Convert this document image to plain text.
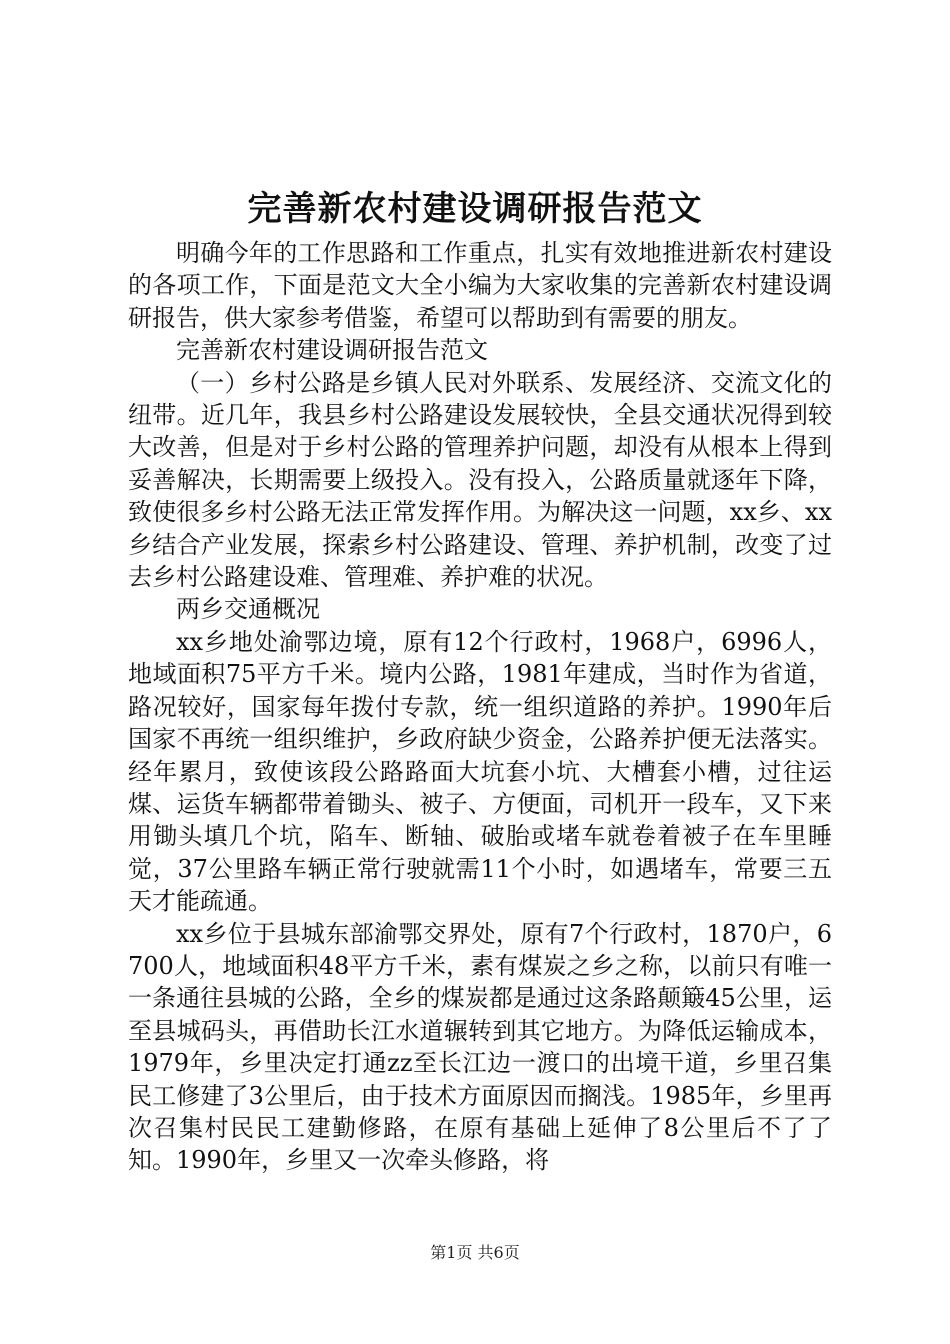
完善新农村建设调研报告范文

明确今年的工作思路和工作重点，扎实有效地推进新农村建设的各项工作，下面是范文大全小编为大家收集的完善新农村建设调研报告，供大家参考借鉴，希望可以帮助到有需要的朋友。

完善新农村建设调研报告范文

（一）乡村公路是乡镇人民对外联系、发展经济、交流文化的纽带。近几年，我县乡村公路建设发展较快，全县交通状况得到较大改善，但是对于乡村公路的管理养护问题，却没有从根本上得到妥善解决，长期需要上级投入。没有投入，公路质量就逐年下降，致使很多乡村公路无法正常发挥作用。为解决这一问题，xx乡、xx乡结合产业发展，探索乡村公路建设、管理、养护机制，改变了过去乡村公路建设难、管理难、养护难的状况。

两乡交通概况

xx乡地处渝鄂边境，原有12个行政村，1968户，6996人，地域面积75平方千米。境内公路，1981年建成，当时作为省道，路况较好，国家每年拨付专款，统一组织道路的养护。1990年后国家不再统一组织维护，乡政府缺少资金，公路养护便无法落实。经年累月，致使该段公路路面大坑套小坑、大槽套小槽，过往运煤、运货车辆都带着锄头、被子、方便面，司机开一段车，又下来用锄头填几个坑，陷车、断轴、破胎或堵车就卷着被子在车里睡觉，37公里路车辆正常行驶就需11个小时，如遇堵车，常要三五天才能疏通。

xx乡位于县城东部渝鄂交界处，原有7个行政村，1870户，6700人，地域面积48平方千米，素有煤炭之乡之称，以前只有唯一一条通往县城的公路，全乡的煤炭都是通过这条路颠簸45公里，运至县城码头，再借助长江水道辗转到其它地方。为降低运输成本，1979年，乡里决定打通zz至长江边一渡口的出境干道，乡里召集民工修建了3公里后，由于技术方面原因而搁浅。1985年，乡里再次召集村民民工建勤修路，在原有基础上延伸了8公里后不了了知。1990年，乡里又一次牵头修路，将

第1页 共6页
